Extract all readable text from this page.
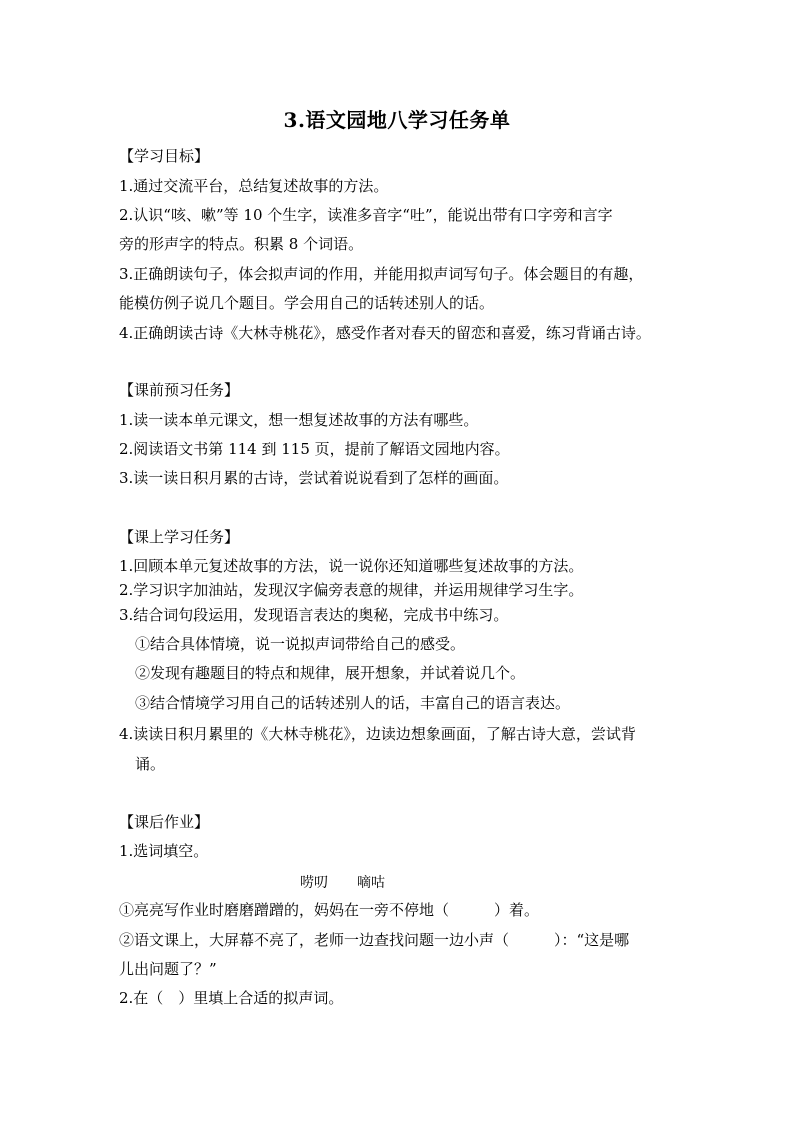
3.语文园地八学习任务单
【学习目标】
1.通过交流平台，总结复述故事的方法。
2.认识“咳、嗽”等 10 个生字，读准多音字“吐”，能说出带有口字旁和言字
旁的形声字的特点。积累 8 个词语。
3.正确朗读句子，体会拟声词的作用，并能用拟声词写句子。体会题目的有趣，
能模仿例子说几个题目。学会用自己的话转述别人的话。
4.正确朗读古诗《大林寺桃花》，感受作者对春天的留恋和喜爱，练习背诵古诗。
【课前预习任务】
1.读一读本单元课文，想一想复述故事的方法有哪些。
2.阅读语文书第 114 到 115 页，提前了解语文园地内容。
3.读一读日积月累的古诗，尝试着说说看到了怎样的画面。
【课上学习任务】
1.回顾本单元复述故事的方法，说一说你还知道哪些复述故事的方法。
2.学习识字加油站，发现汉字偏旁表意的规律，并运用规律学习生字。
3.结合词句段运用，发现语言表达的奥秘，完成书中练习。
①结合具体情境，说一说拟声词带给自己的感受。
②发现有趣题目的特点和规律，展开想象，并试着说几个。
③结合情境学习用自己的话转述别人的话，丰富自己的语言表达。
4.读读日积月累里的《大林寺桃花》，边读边想象画面，了解古诗大意，尝试背
诵。
【课后作业】
1.选词填空。
唠叨 嘀咕
①亮亮写作业时磨磨蹭蹭的，妈妈在一旁不停地（　　　）着。
②语文课上，大屏幕不亮了，老师一边查找问题一边小声（　　　）：“这是哪
儿出问题了？”
2.在（　）里填上合适的拟声词。
